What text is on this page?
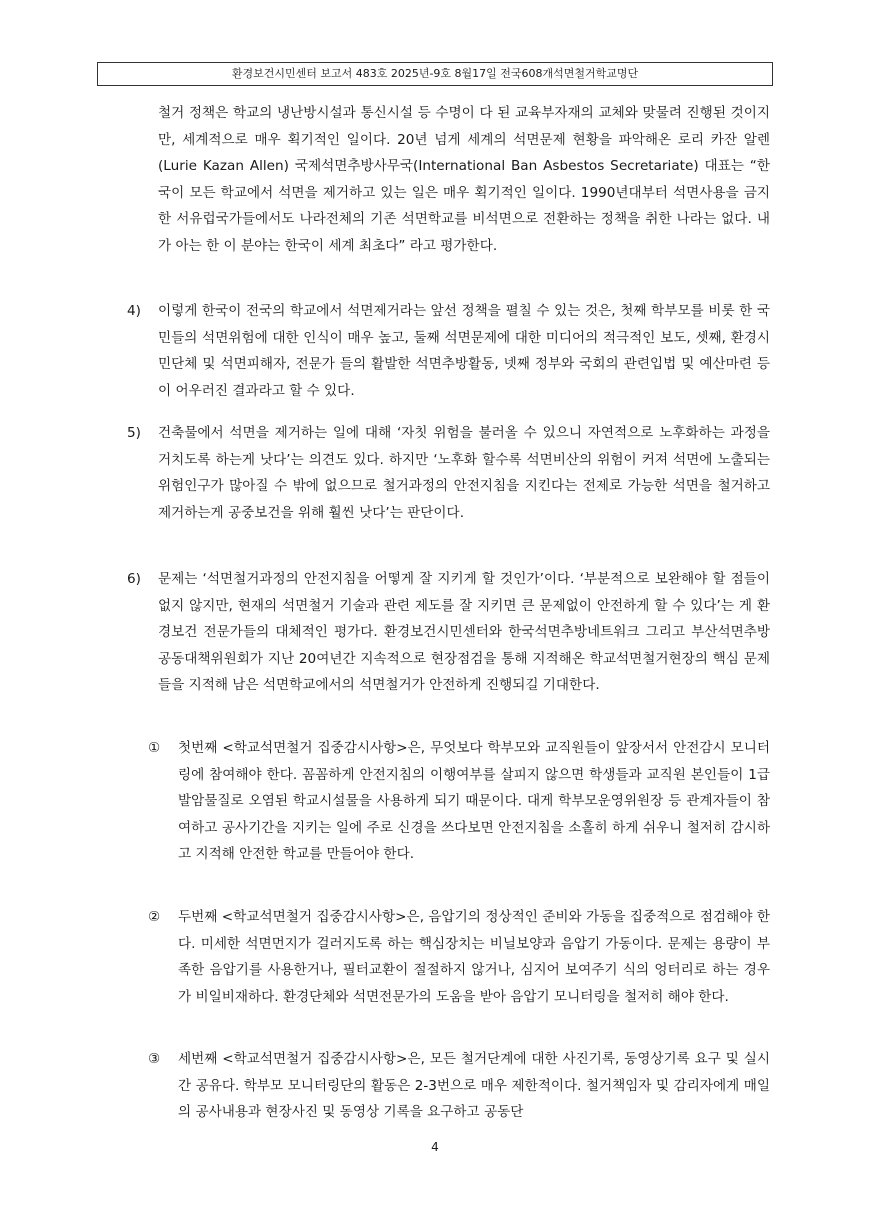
환경보건시민센터 보고서 483호 2025년-9호 8월17일 전국608개석면철거학교명단

철거 정책은 학교의 냉난방시설과 통신시설 등 수명이 다 된 교육부자재의 교체와 맞물려 진행된 것이지만, 세계적으로 매우 획기적인 일이다. 20년 넘게 세계의 석면문제 현황을 파악해온 로리 카잔 알렌 (Lurie Kazan Allen) 국제석면추방사무국(International Ban Asbestos Secretariate) 대표는 “한국이 모든 학교에서 석면을 제거하고 있는 일은 매우 획기적인 일이다. 1990년대부터 석면사용을 금지한 서유럽국가들에서도 나라전체의 기존 석면학교를 비석면으로 전환하는 정책을 취한 나라는 없다. 내가 아는 한 이 분야는 한국이 세계 최초다” 라고 평가한다.

4) 이렇게 한국이 전국의 학교에서 석면제거라는 앞선 정책을 펼칠 수 있는 것은, 첫째 학부모를 비롯 한 국민들의 석면위험에 대한 인식이 매우 높고, 둘째 석면문제에 대한 미디어의 적극적인 보도, 셋째, 환경시민단체 및 석면피해자, 전문가 들의 활발한 석면추방활동, 넷째 정부와 국회의 관련입법 및 예산마련 등이 어우러진 결과라고 할 수 있다.

5) 건축물에서 석면을 제거하는 일에 대해 ‘자칫 위험을 불러올 수 있으니 자연적으로 노후화하는 과정을 거치도록 하는게 낫다’는 의견도 있다. 하지만 ‘노후화 할수록 석면비산의 위험이 커져 석면에 노출되는 위험인구가 많아질 수 밖에 없으므로 철거과정의 안전지침을 지킨다는 전제로 가능한 석면을 철거하고 제거하는게 공중보건을 위해 훨씬 낫다’는 판단이다.

6) 문제는 ‘석면철거과정의 안전지침을 어떻게 잘 지키게 할 것인가’이다. ‘부분적으로 보완해야 할 점들이 없지 않지만, 현재의 석면철거 기술과 관련 제도를 잘 지키면 큰 문제없이 안전하게 할 수 있다’는 게 환경보건 전문가들의 대체적인 평가다. 환경보건시민센터와 한국석면추방네트워크 그리고 부산석면추방공동대책위원회가 지난 20여년간 지속적으로 현장점검을 통해 지적해온 학교석면철거현장의 핵심 문제들을 지적해 남은 석면학교에서의 석면철거가 안전하게 진행되길 기대한다.

① 첫번째 <학교석면철거 집중감시사항>은, 무엇보다 학부모와 교직원들이 앞장서서 안전감시 모니터링에 참여해야 한다. 꼼꼼하게 안전지침의 이행여부를 살피지 않으면 학생들과 교직원 본인들이 1급 발암물질로 오염된 학교시설물을 사용하게 되기 때문이다. 대게 학부모운영위원장 등 관계자들이 참여하고 공사기간을 지키는 일에 주로 신경을 쓰다보면 안전지침을 소홀히 하게 쉬우니 철저히 감시하고 지적해 안전한 학교를 만들어야 한다.

② 두번째 <학교석면철거 집중감시사항>은, 음압기의 정상적인 준비와 가동을 집중적으로 점검해야 한다. 미세한 석면먼지가 걸러지도록 하는 핵심장치는 비닐보양과 음압기 가동이다. 문제는 용량이 부족한 음압기를 사용한거나, 필터교환이 절절하지 않거나, 심지어 보여주기 식의 엉터리로 하는 경우가 비일비재하다. 환경단체와 석면전문가의 도움을 받아 음압기 모니터링을 철저히 해야 한다.

③ 세번째 <학교석면철거 집중감시사항>은, 모든 철거단계에 대한 사진기록, 동영상기록 요구 및 실시간 공유다. 학부모 모니터링단의 활동은 2-3번으로 매우 제한적이다. 철거책임자 및 감리자에게 매일의 공사내용과 현장사진 및 동영상 기록을 요구하고 공동단

4
